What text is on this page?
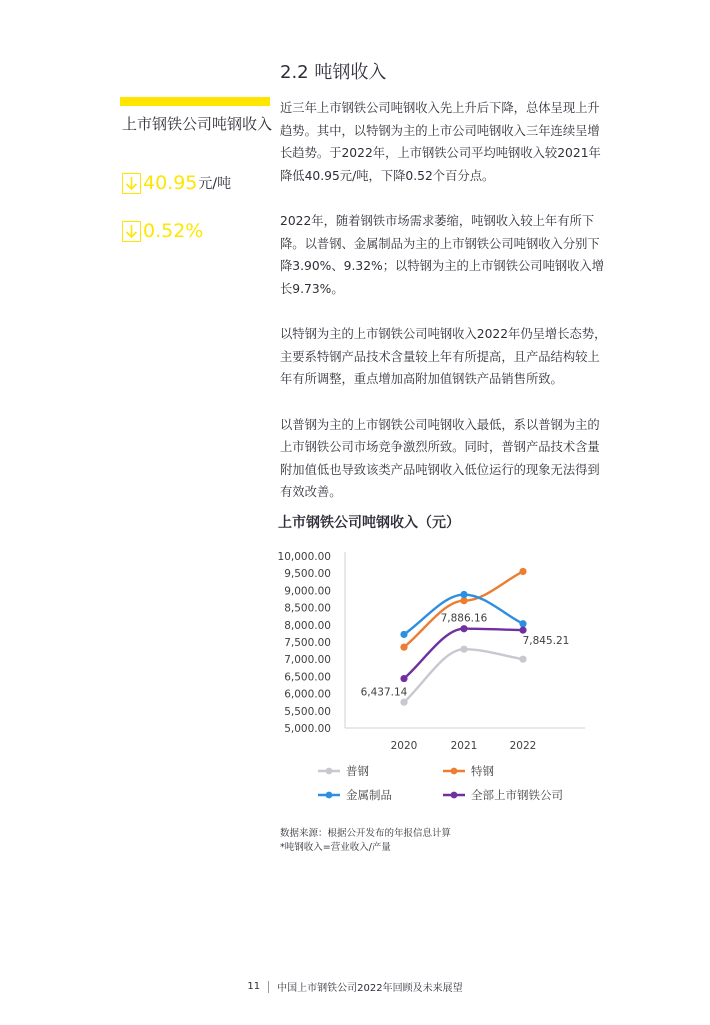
2.2 吨钢收入
上市钢铁公司吨钢收入
40.95 元/吨
0.52%

近三年上市钢铁公司吨钢收入先上升后下降，总体呈现上升趋势。其中，以特钢为主的上市公司吨钢收入三年连续呈增长趋势。于2022年，上市钢铁公司平均吨钢收入较2021年降低40.95元/吨，下降0.52个百分点。

2022年，随着钢铁市场需求萎缩，吨钢收入较上年有所下降。以普钢、金属制品为主的上市钢铁公司吨钢收入分别下降3.90%、9.32%；以特钢为主的上市钢铁公司吨钢收入增长9.73%。

以特钢为主的上市钢铁公司吨钢收入2022年仍呈增长态势，主要系特钢产品技术含量较上年有所提高，且产品结构较上年有所调整，重点增加高附加值钢铁产品销售所致。

以普钢为主的上市钢铁公司吨钢收入最低，系以普钢为主的上市钢铁公司市场竞争激烈所致。同时，普钢产品技术含量附加值低也导致该类产品吨钢收入低位运行的现象无法得到有效改善。

上市钢铁公司吨钢收入（元）
5,000.00
5,500.00
6,000.00
6,500.00
7,000.00
7,500.00
8,000.00
8,500.00
9,000.00
9,500.00
10,000.00
2020	2021	2022
6,437.14
7,886.16
7,845.21
普钢	特钢
金属制品	全部上市钢铁公司
数据来源：根据公开发布的年报信息计算
*吨钢收入=营业收入/产量
11 中国上市钢铁公司2022年回顾及未来展望
